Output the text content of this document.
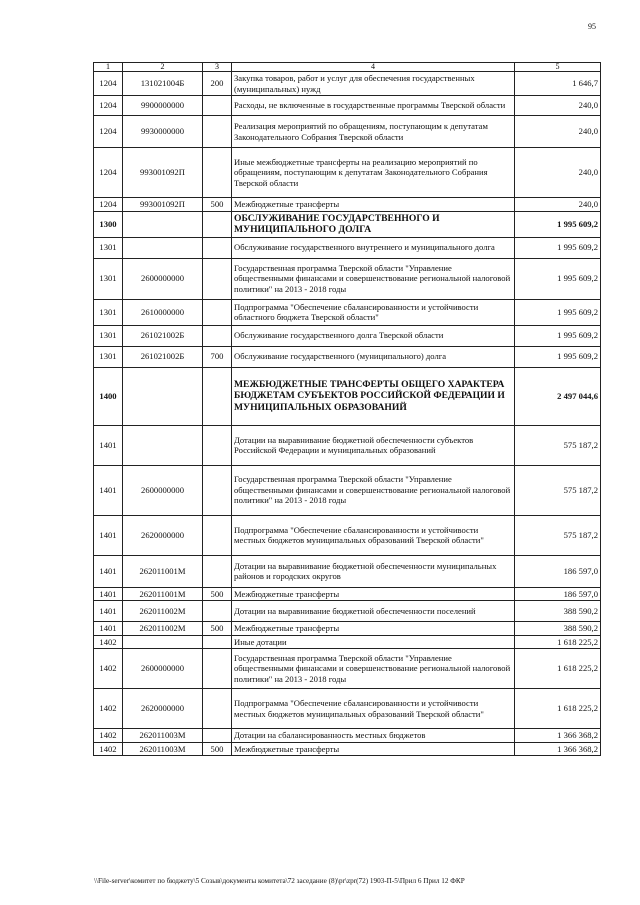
95
1	2	3	4	5
1204	131021004Б	200	Закупка товаров, работ и услуг для обеспечения государственных (муниципальных) нужд	1 646,7
1204	9900000000		Расходы, не включенные в государственные программы Тверской области	240,0
1204	9930000000		Реализация мероприятий по обращениям, поступающим к депутатам Законодательного Собрания Тверской области	240,0
1204	993001092П		Иные межбюджетные трансферты на реализацию мероприятий по обращениям, поступающим к депутатам Законодательного Собрания Тверской области	240,0
1204	993001092П	500	Межбюджетные трансферты	240,0
1300			ОБСЛУЖИВАНИЕ ГОСУДАРСТВЕННОГО И МУНИЦИПАЛЬНОГО ДОЛГА	1 995 609,2
1301			Обслуживание государственного внутреннего и муниципального долга	1 995 609,2
1301	2600000000		Государственная программа Тверской области "Управление общественными финансами и совершенствование региональной налоговой политики" на 2013 - 2018 годы	1 995 609,2
1301	2610000000		Подпрограмма "Обеспечение сбалансированности и устойчивости областного бюджета Тверской области"	1 995 609,2
1301	261021002Б		Обслуживание государственного долга Тверской области	1 995 609,2
1301	261021002Б	700	Обслуживание государственного (муниципального) долга	1 995 609,2
1400			МЕЖБЮДЖЕТНЫЕ ТРАНСФЕРТЫ ОБЩЕГО ХАРАКТЕРА БЮДЖЕТАМ СУБЪЕКТОВ РОССИЙСКОЙ ФЕДЕРАЦИИ И МУНИЦИПАЛЬНЫХ ОБРАЗОВАНИЙ	2 497 044,6
1401			Дотации на выравнивание бюджетной обеспеченности субъектов Российской Федерации и муниципальных образований	575 187,2
1401	2600000000		Государственная программа Тверской области "Управление общественными финансами и совершенствование региональной налоговой политики" на 2013 - 2018 годы	575 187,2
1401	2620000000		Подпрограмма "Обеспечение сбалансированности и устойчивости местных бюджетов муниципальных образований Тверской области"	575 187,2
1401	262011001М		Дотации на выравнивание бюджетной обеспеченности муниципальных районов и городских округов	186 597,0
1401	262011001М	500	Межбюджетные трансферты	186 597,0
1401	262011002М		Дотации на выравнивание бюджетной обеспеченности поселений	388 590,2
1401	262011002М	500	Межбюджетные трансферты	388 590,2
1402			Иные дотации	1 618 225,2
1402	2600000000		Государственная программа Тверской области "Управление общественными финансами и совершенствование региональной налоговой политики" на 2013 - 2018 годы	1 618 225,2
1402	2620000000		Подпрограмма "Обеспечение сбалансированности и устойчивости местных бюджетов муниципальных образований Тверской области"	1 618 225,2
1402	262011003М		Дотации на сбалансированность местных бюджетов	1 366 368,2
1402	262011003М	500	Межбюджетные трансферты	1 366 368,2
\\File-server\комитет по бюджету\5 Созыв\документы комитета\72 заседание (8)\pr\zpr(72) 1903-П-5\Прил 6 Прил 12 ФКР
